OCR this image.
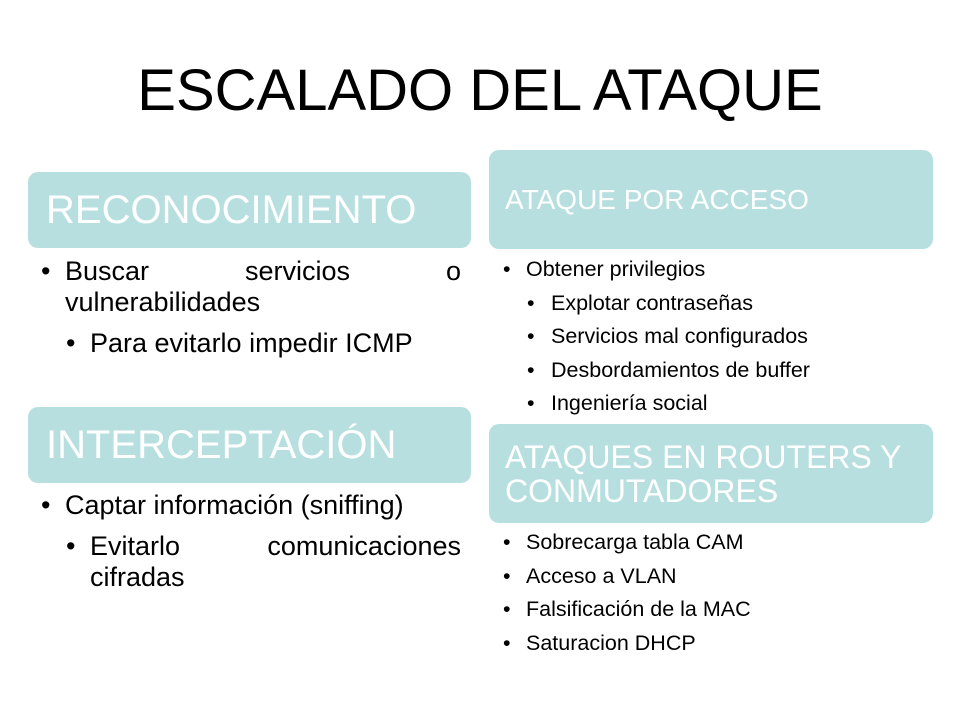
ESCALADO DEL ATAQUE
RECONOCIMIENTO
• Buscar servicios o vulnerabilidades
• Para evitarlo impedir ICMP
INTERCEPTACIÓN
• Captar información (sniffing)
• Evitarlo comunicaciones cifradas
ATAQUE POR ACCESO
• Obtener privilegios
• Explotar contraseñas
• Servicios mal configurados
• Desbordamientos de buffer
• Ingeniería social
ATAQUES EN ROUTERS Y CONMUTADORES
• Sobrecarga tabla CAM
• Acceso a VLAN
• Falsificación de la MAC
• Saturacion DHCP
